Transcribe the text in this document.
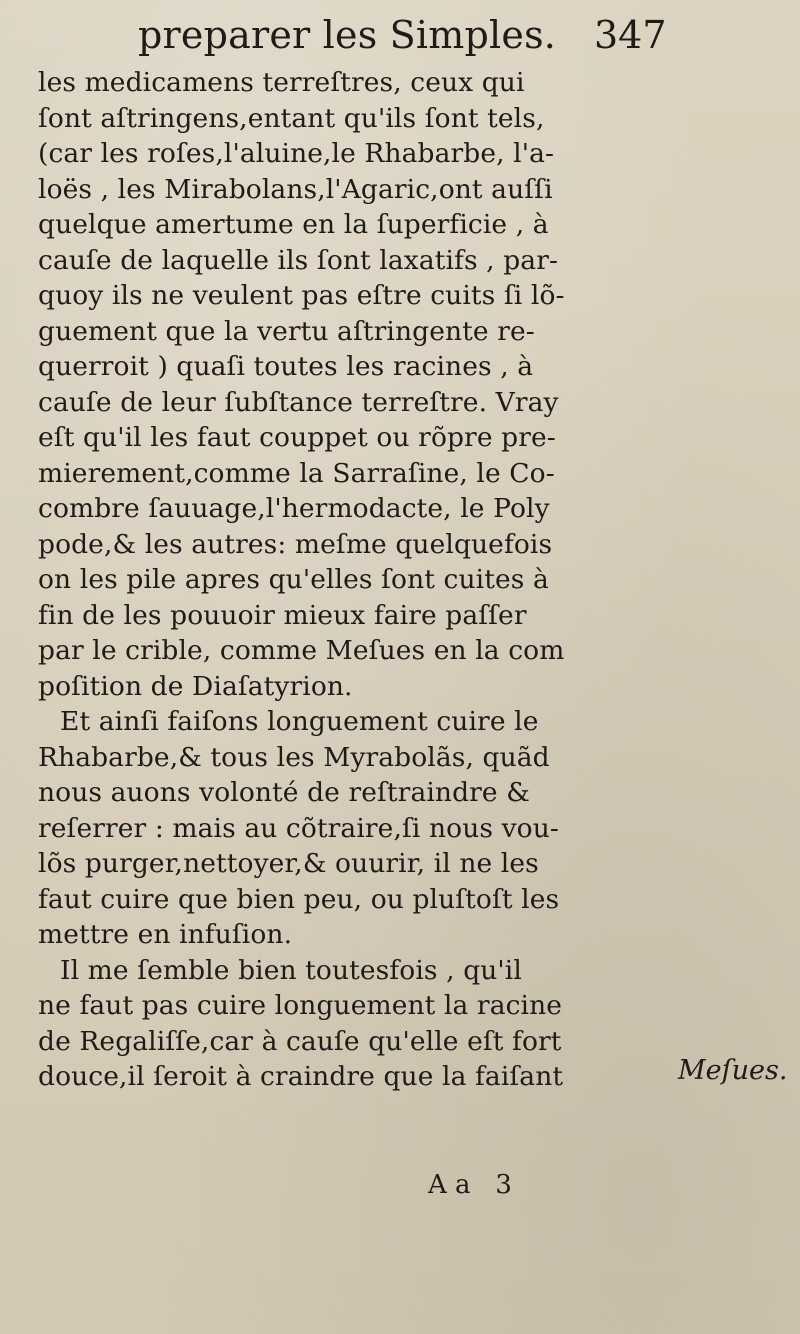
preparer les Simples. 347
les medicamens terreſtres, ceux qui
ſont aſtringens,entant qu'ils ſont tels,
(car les roſes,l'aluine,le Rhabarbe, l'a-
loës , les Mirabolans,l'Agaric,ont auſſi
quelque amertume en la ſuperficie , à
cauſe de laquelle ils ſont laxatifs , par-
quoy ils ne veulent pas eſtre cuits ſi lõ-
guement que la vertu aſtringente re-
querroit ) quaſi toutes les racines , à
cauſe de leur ſubſtance terreſtre. Vray
eſt qu'il les faut couppet ou rõpre pre-
mierement,comme la Sarraſine, le Co-
combre ſauuage,l'hermodacte, le Poly
pode,& les autres: meſme quelquefois
on les pile apres qu'elles ſont cuites à
fin de les pouuoir mieux faire paſſer
par le crible, comme Meſues en la com
poſition de Diaſatyrion.
Et ainſi faiſons longuement cuire le
Rhabarbe,& tous les Myrabolãs, quãd
nous auons volonté de reſtraindre &
reſerrer : mais au cõtraire,ſi nous vou-
lõs purger,nettoyer,& ouurir, il ne les
faut cuire que bien peu, ou pluſtoſt les
mettre en infuſion.
Il me ſemble bien toutesfois , qu'il
ne faut pas cuire longuement la racine
de Regaliſſe,car à cauſe qu'elle eſt fort
douce,il ſeroit à craindre que la faiſant	Meſues.
A a   3
